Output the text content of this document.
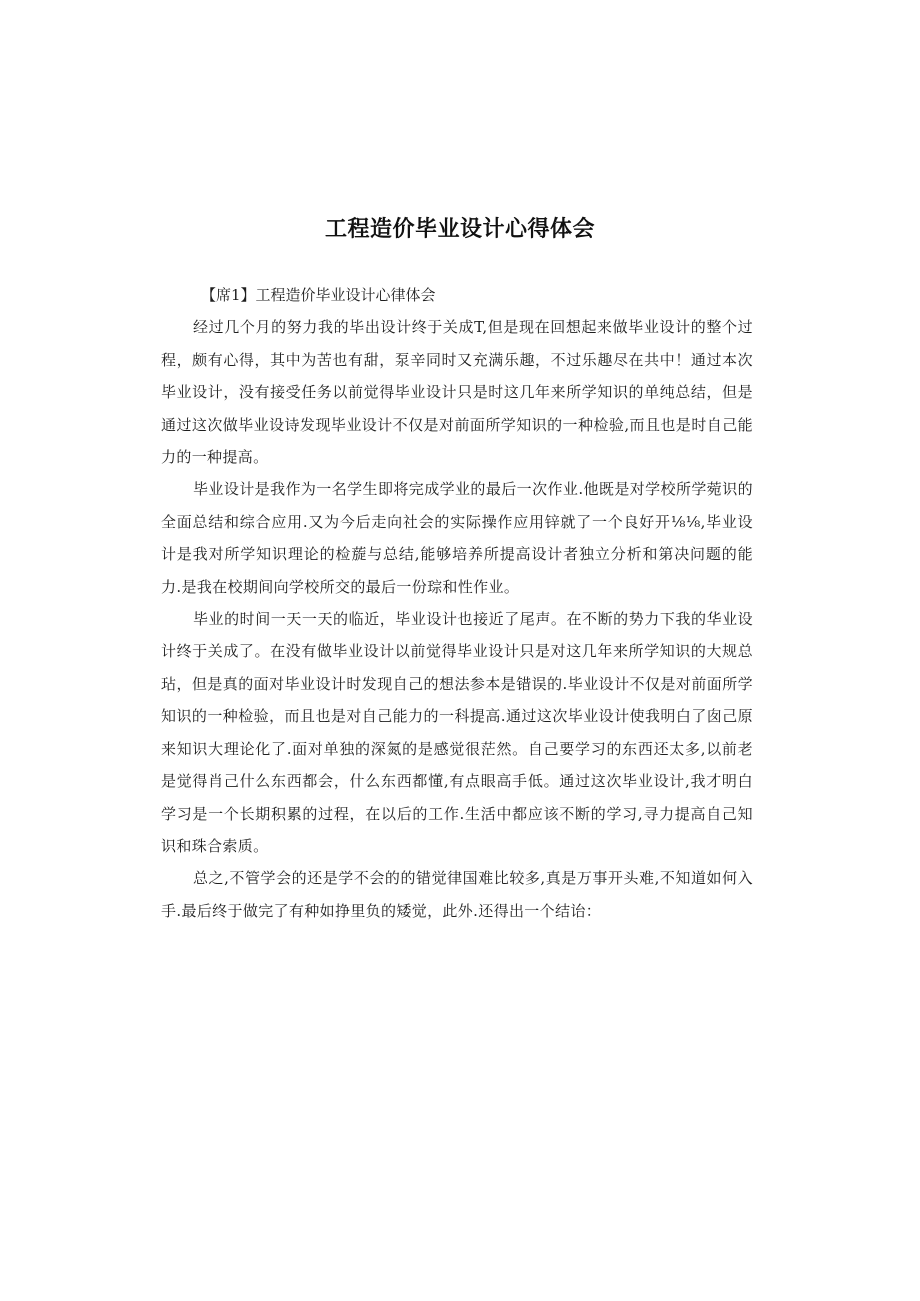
工程造价毕业设计心得体会

【席1】工程造价毕业设计心律体会

经过几个月的努力我的毕出设计终于关成T,但是现在回想起来做毕业设计的整个过程，颇有心得，其中为苦也有甜，泵辛同时又充满乐趣，不过乐趣尽在共中！通过本次毕业设计，没有接受任务以前觉得毕业设计只是时这几年来所学知识的单纯总结，但是通过这次做毕业设诗发现毕业设计不仅是对前面所学知识的一种检验,而且也是时自己能力的一种提高。

毕业设计是我作为一名学生即将完成学业的最后一次作业.他既是对学校所学菀识的全面总结和综合应用.又为今后走向社会的实际操作应用锌就了一个良好开⅛⅛,毕业设计是我对所学知识理论的检蔙与总结,能够培养所提高设计者独立分析和第决问题的能力.是我在校期间向学校所交的最后一份琮和性作业。

毕业的时间一天一天的临近，毕业设计也接近了尾声。在不断的势力下我的华业设计终于关成了。在没有做毕业设计以前觉得毕业设计只是对这几年来所学知识的大规总玷，但是真的面对毕业设计时发现自己的想法参本是错误的.毕业设计不仅是对前面所学知识的一种检验，而且也是对自己能力的一科提高.通过这次毕业设计使我明白了囱己原来知识大理论化了.面对单独的深氮的是感觉很茫然。自己要学习的东西还太多,以前老是觉得肖己什么东西都会，什么东西都懂,有点眼高手低。通过这次毕业设计,我才明白学习是一个长期积累的过程，在以后的工作.生活中都应该不断的学习,寻力提高自己知识和珠合索质。

总之,不管学会的还是学不会的的错觉律国难比较多,真是万事开头难,不知道如何入手.最后终于做完了有种如挣里负的矮觉，此外.还得出一个结诒：
